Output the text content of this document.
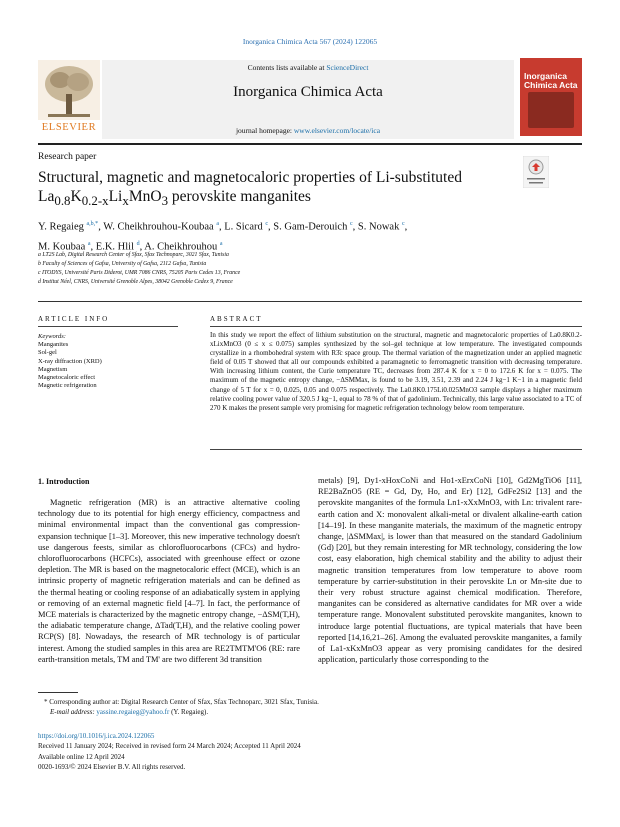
Inorganica Chimica Acta 567 (2024) 122065
Contents lists available at ScienceDirect
Inorganica Chimica Acta
journal homepage: www.elsevier.com/locate/ica
ELSEVIER
Inorganica Chimica Acta
Research paper
Structural, magnetic and magnetocaloric properties of Li-substituted $La_{0.8}K_{0.2-x}Li_xMnO_3$ perovskite manganites
Y. Regaieg $^{a,b,*}$, W. Cheikhrouhou-Koubaa $^a$, L. Sicard $^c$, S. Gam-Derouich $^c$, S. Nowak $^c$,
M. Koubaa $^a$, E.K. Hlil $^d$, A. Cheikhrouhou $^a$
a LT2S Lab, Digital Research Center of Sfax, Sfax Technoparc, 3021 Sfax, Tunisia
b Faculty of Sciences of Gafsa, University of Gafsa, 2112 Gafsa, Tunisia
c ITODYS, Université Paris Diderot, UMR 7086 CNRS, 75205 Paris Cedex 13, France
d Institut Néel, CNRS, Université Grenoble Alpes, 38042 Grenoble Cedex 9, France
ARTICLE INFO	ABSTRACT
Keywords:
Manganites
Sol-gel
X-ray diffraction (XRD)
Magnetism
Magnetocaloric effect
Magnetic refrigeration
In this study we report the effect of lithium substitution on the structural, magnetic and magnetocaloric properties of La0.8K0.2-xLixMnO3 (0 ≤ x ≤ 0.075) samples synthesized by the sol–gel technique at low temperature. The investigated compounds crystallize in a rhombohedral system with R3̄c space group. The thermal variation of the magnetization under an applied magnetic field of 0.05 T showed that all our compounds exhibited a paramagnetic to ferromagnetic transition with decreasing temperature. With increasing lithium content, the Curie temperature TC, decreases from 287.4 K for x = 0 to 172.6 K for x = 0.075. The maximum of the magnetic entropy change, −ΔSMMax, is found to be 3.19, 3.51, 2.39 and 2.24 J kg−1 K−1 in a magnetic field change of 5 T for x = 0, 0.025, 0.05 and 0.075 respectively. The La0.8K0.175Li0.025MnO3 sample displays a higher maximum relative cooling power value of 320.5 J kg−1, equal to 78 % of that of gadolinium. Technically, this large value associated to a TC of 270 K makes the present sample very promising for magnetic refrigeration technology below room temperature.
1. Introduction
Magnetic refrigeration (MR) is an attractive alternative cooling technology due to its potential for high energy efficiency, compactness and minimal environmental impact than the conventional gas compression-expansion technique [1–3]. Moreover, this new imperative technology doesn't use dangerous feests, similar as chlorofluorocarbons (CFCs) and hydro-chlorofluorocarbons (HCFCs), associated with greenhouse effect or ozone depletion. The MR is based on the magnetocaloric effect (MCE), which is an intrinsic property of magnetic refrigeration materials and can be defined as the thermal heating or cooling response of an adiabatically system in applying or removing of an external magnetic field [4–7]. In fact, the performance of MCE materials is characterized by the magnetic entropy change, −ΔSM(T,H), the adiabatic temperature change, ΔTad(T,H), and the relative cooling power RCP(S) [8]. Nowadays, the research of MR technology is of particular interest. Among the studied samples in this area are RE2TMTM'O6 (RE: rare earth-transition metals, TM and TM' are two different 3d transition
metals) [9], Dy1-xHoxCoNi and Ho1-xErxCoNi [10], Gd2MgTiO6 [11], RE2BaZnO5 (RE = Gd, Dy, Ho, and Er) [12], GdFe2Si2 [13] and the perovskite manganites of the formula Ln1-xXxMnO3, with Ln: trivalent rare-earth cation and X: monovalent alkali-metal or divalent alkaline-earth cation [14–19]. In these manganite materials, the maximum of the magnetic entropy change, |ΔSMMax|, is lower than that measured on the standard Gadolinium (Gd) [20], but they remain interesting for MR technology, considering the low cost, easy elaboration, high chemical stability and the ability to adjust their magnetic transition temperatures from low temperature to above room temperature by carrier-substitution in their perovskite Ln or Mn-site due to their very robust structure against chemical modification. Therefore, manganites can be considered as alternative candidates for MR over a wide temperature range. Monovalent substituted perovskite manganites, known to introduce large potential fluctuations, are typical materials that have been reported [14,16,21–26]. Among the evaluated perovskite manganites, a family of La1-xKxMnO3 appear as very promising candidates for the desired application, particularly those corresponding to the
* Corresponding author at: Digital Research Center of Sfax, Sfax Technoparc, 3021 Sfax, Tunisia.
E-mail address: yassine.regaieg@yahoo.fr (Y. Regaieg).
https://doi.org/10.1016/j.ica.2024.122065
Received 11 January 2024; Received in revised form 24 March 2024; Accepted 11 April 2024
Available online 12 April 2024
0020-1693/© 2024 Elsevier B.V. All rights reserved.
